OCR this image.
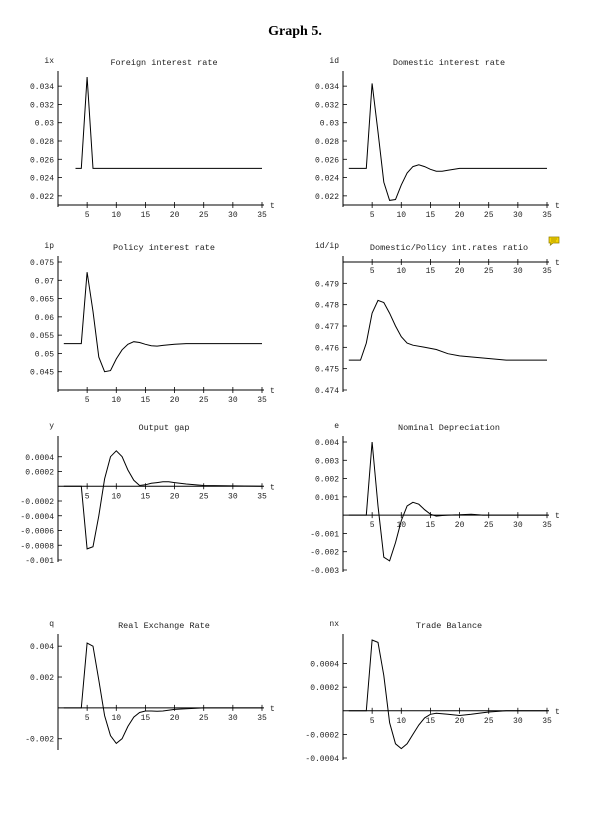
Graph 5.
Foreign interest rate
ix
t
5	10 15 20 25 30 35
0.022
0.024
0.026
0.028
0.03
0.032
0.034
Domestic interest rate
id
t
5	10 15 20 25 30 35
0.022
0.024
0.026
0.028
0.03
0.032
0.034
Policy interest rate
ip
t
5	10 15 20 25 30 35
0.045
0.05
0.055
0.06
0.065
0.07
0.075
Domestic/Policy int.rates ratio
id/ip
t
5	10 15 20 25 30 35
0.474
0.475
0.476
0.477
0.478
0.479
Output gap
y
t
5	10 15 20 25 30 35
-0.001
-0.0008
-0.0006
-0.0004
-0.0002
0.0002
0.0004
Nominal Depreciation
e
t
5	10 15 20 25 30 35
-0.003
-0.002
-0.001
0.001
0.002
0.003
0.004
Real Exchange Rate
q
t
5	10 15 20 25 30 35
-0.002
0.002
0.004
Trade Balance
nx
t
5	10 15 20 25 30 35
-0.0004
-0.0002
0.0002
0.0004
